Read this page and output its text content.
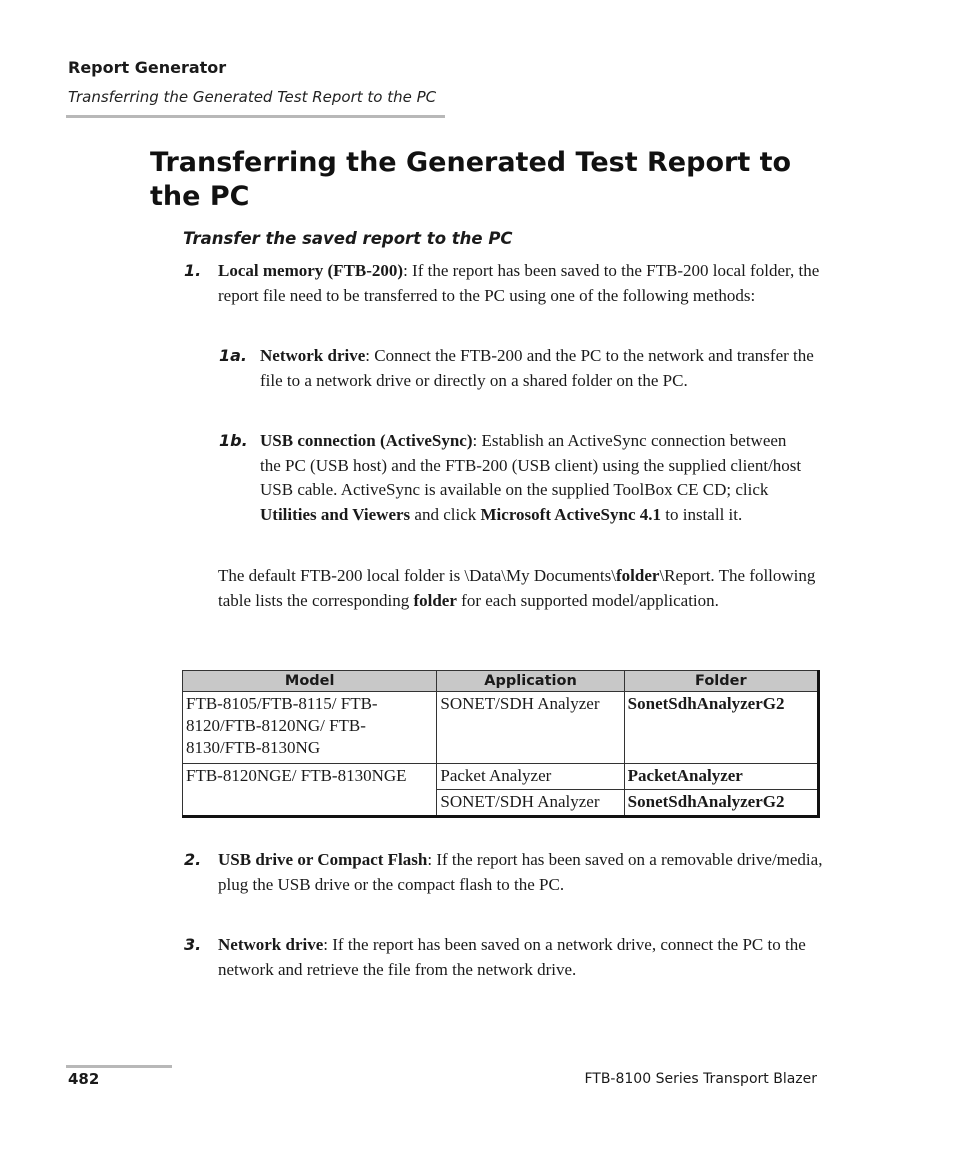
Report Generator
Transferring the Generated Test Report to the PC
Transferring the Generated Test Report to the PC
Transfer the saved report to the PC
1. Local memory (FTB-200): If the report has been saved to the FTB-200 local folder, the report file need to be transferred to the PC using one of the following methods:
1a. Network drive: Connect the FTB-200 and the PC to the network and transfer the file to a network drive or directly on a shared folder on the PC.
1b. USB connection (ActiveSync): Establish an ActiveSync connection between the PC (USB host) and the FTB-200 (USB client) using the supplied client/host USB cable. ActiveSync is available on the supplied ToolBox CE CD; click Utilities and Viewers and click Microsoft ActiveSync 4.1 to install it.
The default FTB-200 local folder is \Data\My Documents\folder\Report. The following table lists the corresponding folder for each supported model/application.
Model	Application	Folder
FTB-8105/FTB-8115/ FTB-8120/FTB-8120NG/ FTB-8130/FTB-8130NG	SONET/SDH Analyzer	SonetSdhAnalyzerG2
FTB-8120NGE/ FTB-8130NGE	Packet Analyzer	PacketAnalyzer
	SONET/SDH Analyzer	SonetSdhAnalyzerG2
2. USB drive or Compact Flash: If the report has been saved on a removable drive/media, plug the USB drive or the compact flash to the PC.
3. Network drive: If the report has been saved on a network drive, connect the PC to the network and retrieve the file from the network drive.
482	FTB-8100 Series Transport Blazer
